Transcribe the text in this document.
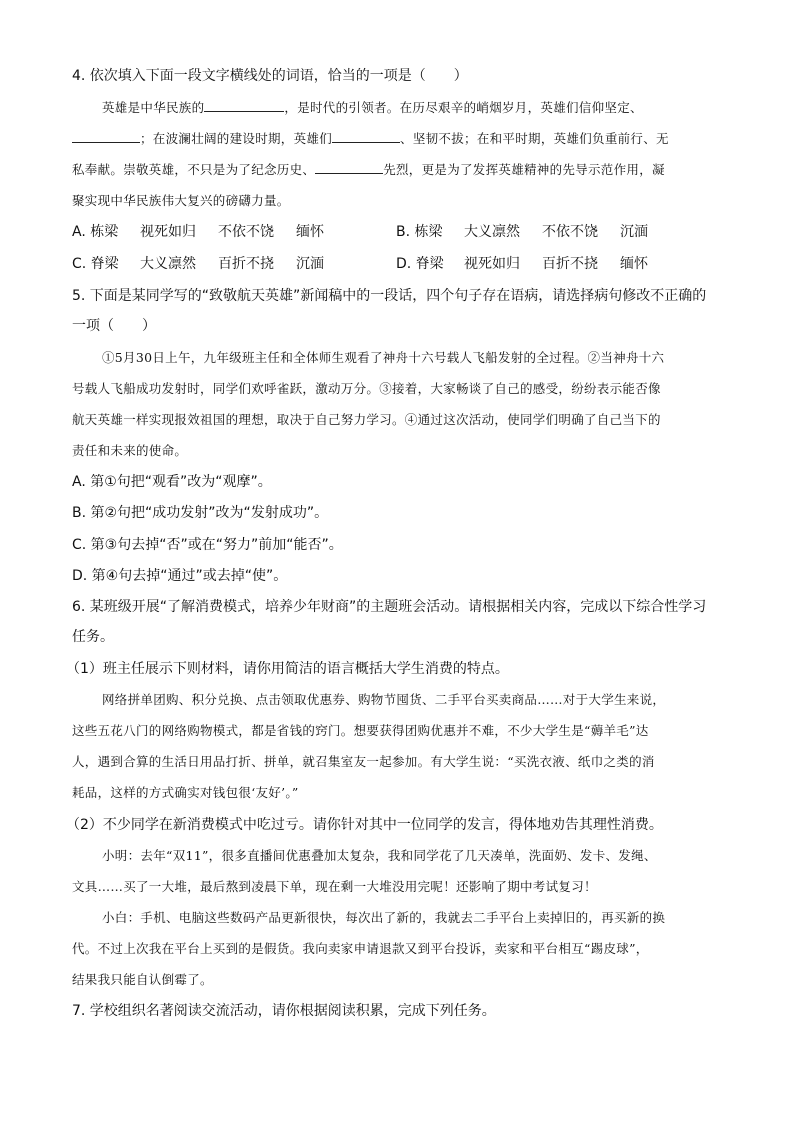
4. 依次填入下面一段文字横线处的词语，恰当的一项是（　　）
英雄是中华民族的	，是时代的引领者。在历尽艰辛的峭烟岁月，英雄们信仰坚定、
；在波澜壮阔的建设时期，英雄们	、坚韧不拔；在和平时期，英雄们负重前行、无
私奉献。崇敬英雄，不只是为了纪念历史、	先烈，更是为了发挥英雄精神的先导示范作用，凝
聚实现中华民族伟大复兴的磅礴力量。
A. 栋梁 视死如归 不依不饶 缅怀	B. 栋梁 大义凛然 不依不饶 沉湎
C. 脊梁 大义凛然 百折不挠 沉湎	D. 脊梁 视死如归 百折不挠 缅怀
5. 下面是某同学写的“致敬航天英雄”新闻稿中的一段话，四个句子存在语病，请选择病句修改不正确的
一项（　　）
①5月30日上午，九年级班主任和全体师生观看了神舟十六号载人飞船发射的全过程。②当神舟十六
号载人飞船成功发射时，同学们欢呼雀跃，激动万分。③接着，大家畅谈了自己的感受，纷纷表示能否像
航天英雄一样实现报效祖国的理想，取决于自己努力学习。④通过这次活动，使同学们明确了自己当下的
责任和未来的使命。
A. 第①句把“观看”改为“观摩”。
B. 第②句把“成功发射”改为“发射成功”。
C. 第③句去掉“否”或在“努力”前加“能否”。
D. 第④句去掉“通过”或去掉“使”。
6. 某班级开展“了解消费模式，培养少年财商”的主题班会活动。请根据相关内容，完成以下综合性学习
任务。
（1）班主任展示下则材料，请你用简洁的语言概括大学生消费的特点。
网络拼单团购、积分兑换、点击领取优惠券、购物节囤货、二手平台买卖商品……对于大学生来说，
这些五花八门的网络购物模式，都是省钱的窍门。想要获得团购优惠并不难，不少大学生是“薅羊毛”达
人，遇到合算的生活日用品打折、拼单，就召集室友一起参加。有大学生说：“买洗衣液、纸巾之类的消
耗品，这样的方式确实对钱包很‘友好’。”
（2）不少同学在新消费模式中吃过亏。请你针对其中一位同学的发言，得体地劝告其理性消费。
小明：去年“双11”，很多直播间优惠叠加太复杂，我和同学花了几天凑单，洗面奶、发卡、发绳、
文具……买了一大堆，最后熬到凌晨下单，现在剩一大堆没用完呢！还影响了期中考试复习！
小白：手机、电脑这些数码产品更新很快，每次出了新的，我就去二手平台上卖掉旧的，再买新的换
代。不过上次我在平台上买到的是假货。我向卖家申请退款又到平台投诉，卖家和平台相互“踢皮球”，
结果我只能自认倒霉了。
7. 学校组织名著阅读交流活动，请你根据阅读积累，完成下列任务。
